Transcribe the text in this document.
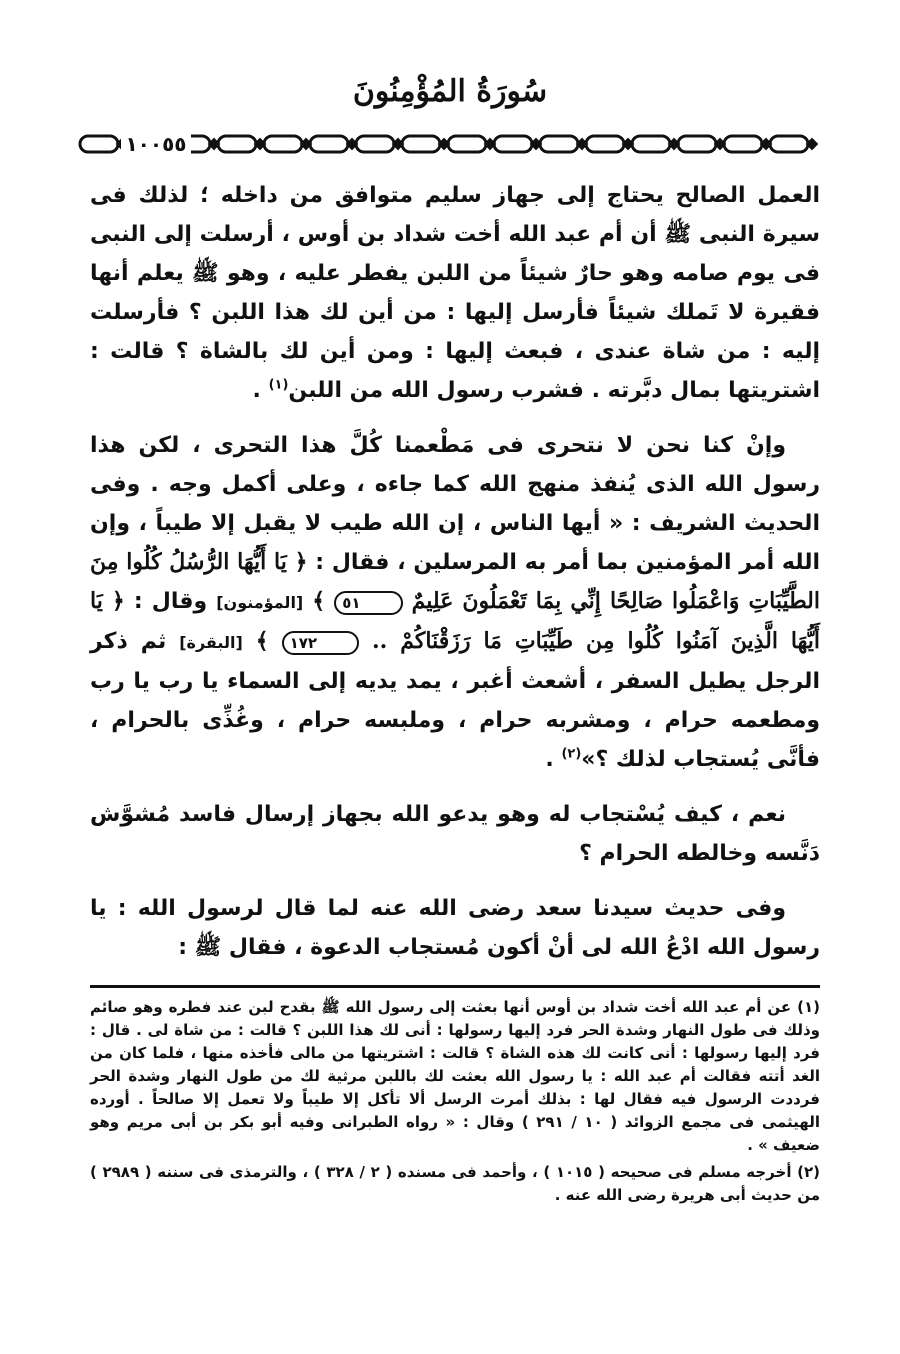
سُورَةُ المُؤْمِنُونَ
١٠٠٥٥

العمل الصالح يحتاج إلى جهاز سليم متوافق من داخله ؛ لذلك فى سيرة النبى ﷺ أن أم عبد الله أخت شداد بن أوس ، أرسلت إلى النبى فى يوم صامه وهو حارٌ شيئاً من اللبن يفطر عليه ، وهو ﷺ يعلم أنها فقيرة لا تَملك شيئاً فأرسل إليها : من أين لك هذا اللبن ؟ فأرسلت إليه : من شاة عندى ، فبعث إليها : ومن أين لك بالشاة ؟ قالت : اشتريتها بمال دبَّرته . فشرب رسول الله من اللبن$^{(١)}$ .

وإنْ كنا نحن لا نتحرى فى مَطْعمنا كُلَّ هذا التحرى ، لكن هذا رسول الله الذى يُنفذ منهج الله كما جاءه ، وعلى أكمل وجه . وفى الحديث الشريف : « أيها الناس ، إن الله طيب لا يقبل إلا طيباً ، وإن الله أمر المؤمنين بما أمر به المرسلين ، فقال : ﴿ يَا أَيُّهَا الرُّسُلُ كُلُوا مِنَ الطَّيِّبَاتِ وَاعْمَلُوا صَالِحًا إِنِّي بِمَا تَعْمَلُونَ عَلِيمٌ ٥١ ﴾ [المؤمنون] وقال : ﴿ يَا أَيُّهَا الَّذِينَ آمَنُوا كُلُوا مِن طَيِّبَاتِ مَا رَزَقْنَاكُمْ .. ١٧٢ ﴾ [البقرة] ثم ذكر الرجل يطيل السفر ، أشعث أغبر ، يمد يديه إلى السماء يا رب يا رب ومطعمه حرام ، ومشربه حرام ، وملبسه حرام ، وغُذِّى بالحرام ، فأنَّى يُستجاب لذلك ؟»$^{(٢)}$ .

نعم ، كيف يُسْتجاب له وهو يدعو الله بجهاز إرسال فاسد مُشوَّش دَنَّسه وخالطه الحرام ؟

وفى حديث سيدنا سعد رضى الله عنه لما قال لرسول الله : يا رسول الله ادْعُ الله لى أنْ أكون مُستجاب الدعوة ، فقال ﷺ :

(١) عن أم عبد الله أخت شداد بن أوس أنها بعثت إلى رسول الله ﷺ بقدح لبن عند فطره وهو صائم وذلك فى طول النهار وشدة الحر فرد إليها رسولها : أنى لك هذا اللبن ؟ قالت : من شاة لى . قال : فرد إليها رسولها : أنى كانت لك هذه الشاة ؟ قالت : اشتريتها من مالى فأخذه منها ، فلما كان من الغد أتته فقالت أم عبد الله : يا رسول الله بعثت لك باللبن مرثية لك من طول النهار وشدة الحر فرددت الرسول فيه فقال لها : بذلك أمرت الرسل ألا تأكل إلا طيباً ولا تعمل إلا صالحاً . أورده الهيثمى فى مجمع الزوائد ( ١٠ / ٢٩١ ) وقال : « رواه الطبرانى وفيه أبو بكر بن أبى مريم وهو ضعيف » .

(٢) أخرجه مسلم فى صحيحه ( ١٠١٥ ) ، وأحمد فى مسنده ( ٢ / ٣٢٨ ) ، والترمذى فى سننه ( ٢٩٨٩ ) من حديث أبى هريرة رضى الله عنه .
